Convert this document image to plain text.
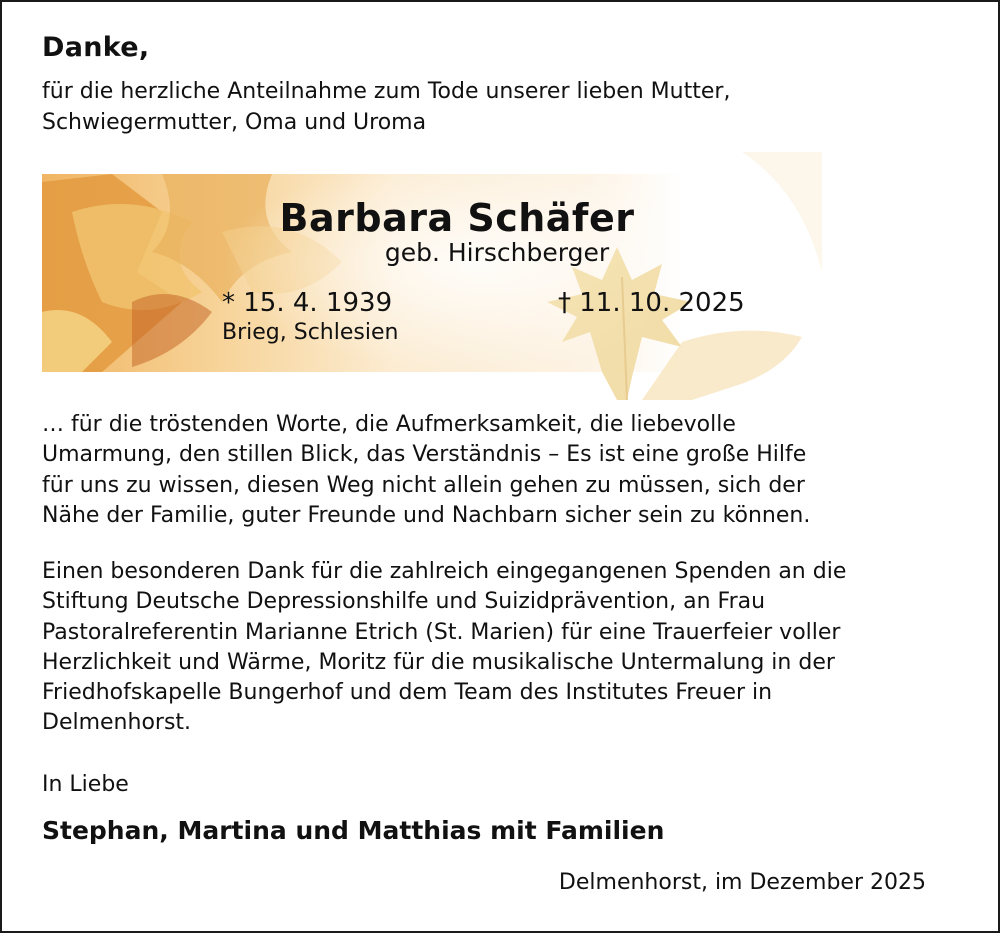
Danke,
für die herzliche Anteilnahme zum Tode unserer lieben Mutter,
Schwiegermutter, Oma und Uroma
Barbara Schäfer
geb. Hirschberger
* 15. 4. 1939
Brieg, Schlesien
† 11. 10. 2025
… für die tröstenden Worte, die Aufmerksamkeit, die liebevolle
Umarmung, den stillen Blick, das Verständnis – Es ist eine große Hilfe
für uns zu wissen, diesen Weg nicht allein gehen zu müssen, sich der
Nähe der Familie, guter Freunde und Nachbarn sicher sein zu können.
Einen besonderen Dank für die zahlreich eingegangenen Spenden an die
Stiftung Deutsche Depressionshilfe und Suizidprävention, an Frau
Pastoralreferentin Marianne Etrich (St. Marien) für eine Trauerfeier voller
Herzlichkeit und Wärme, Moritz für die musikalische Untermalung in der
Friedhofskapelle Bungerhof und dem Team des Institutes Freuer in
Delmenhorst.
In Liebe
Stephan, Martina und Matthias mit Familien
Delmenhorst, im Dezember 2025
